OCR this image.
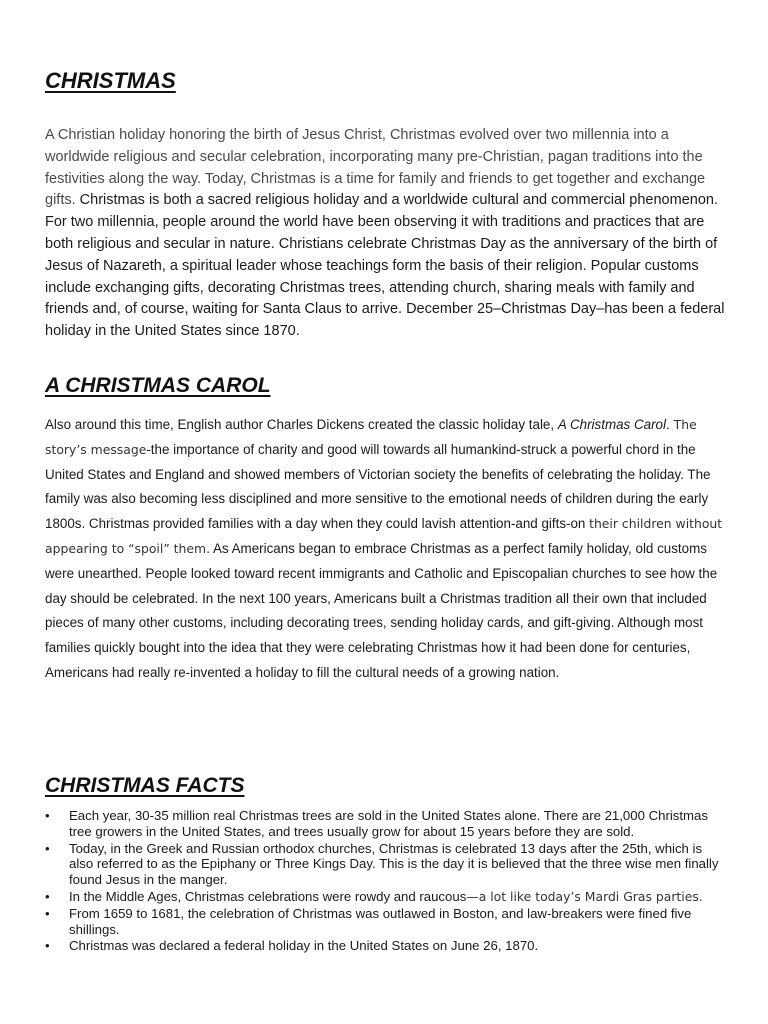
CHRISTMAS

A Christian holiday honoring the birth of Jesus Christ, Christmas evolved over two millennia into a worldwide religious and secular celebration, incorporating many pre-Christian, pagan traditions into the festivities along the way. Today, Christmas is a time for family and friends to get together and exchange gifts. Christmas is both a sacred religious holiday and a worldwide cultural and commercial phenomenon. For two millennia, people around the world have been observing it with traditions and practices that are both religious and secular in nature. Christians celebrate Christmas Day as the anniversary of the birth of Jesus of Nazareth, a spiritual leader whose teachings form the basis of their religion. Popular customs include exchanging gifts, decorating Christmas trees, attending church, sharing meals with family and friends and, of course, waiting for Santa Claus to arrive. December 25–Christmas Day–has been a federal holiday in the United States since 1870.

A CHRISTMAS CAROL

Also around this time, English author Charles Dickens created the classic holiday tale, A Christmas Carol. The story’s message-the importance of charity and good will towards all humankind-struck a powerful chord in the United States and England and showed members of Victorian society the benefits of celebrating the holiday. The family was also becoming less disciplined and more sensitive to the emotional needs of children during the early 1800s. Christmas provided families with a day when they could lavish attention-and gifts-on their children without appearing to “spoil” them. As Americans began to embrace Christmas as a perfect family holiday, old customs were unearthed. People looked toward recent immigrants and Catholic and Episcopalian churches to see how the day should be celebrated. In the next 100 years, Americans built a Christmas tradition all their own that included pieces of many other customs, including decorating trees, sending holiday cards, and gift-giving. Although most families quickly bought into the idea that they were celebrating Christmas how it had been done for centuries, Americans had really re-invented a holiday to fill the cultural needs of a growing nation.

CHRISTMAS FACTS
• Each year, 30-35 million real Christmas trees are sold in the United States alone. There are 21,000 Christmas tree growers in the United States, and trees usually grow for about 15 years before they are sold.
• Today, in the Greek and Russian orthodox churches, Christmas is celebrated 13 days after the 25th, which is also referred to as the Epiphany or Three Kings Day. This is the day it is believed that the three wise men finally found Jesus in the manger.
• In the Middle Ages, Christmas celebrations were rowdy and raucous—a lot like today’s Mardi Gras parties.
• From 1659 to 1681, the celebration of Christmas was outlawed in Boston, and law-breakers were fined five shillings.
• Christmas was declared a federal holiday in the United States on June 26, 1870.
